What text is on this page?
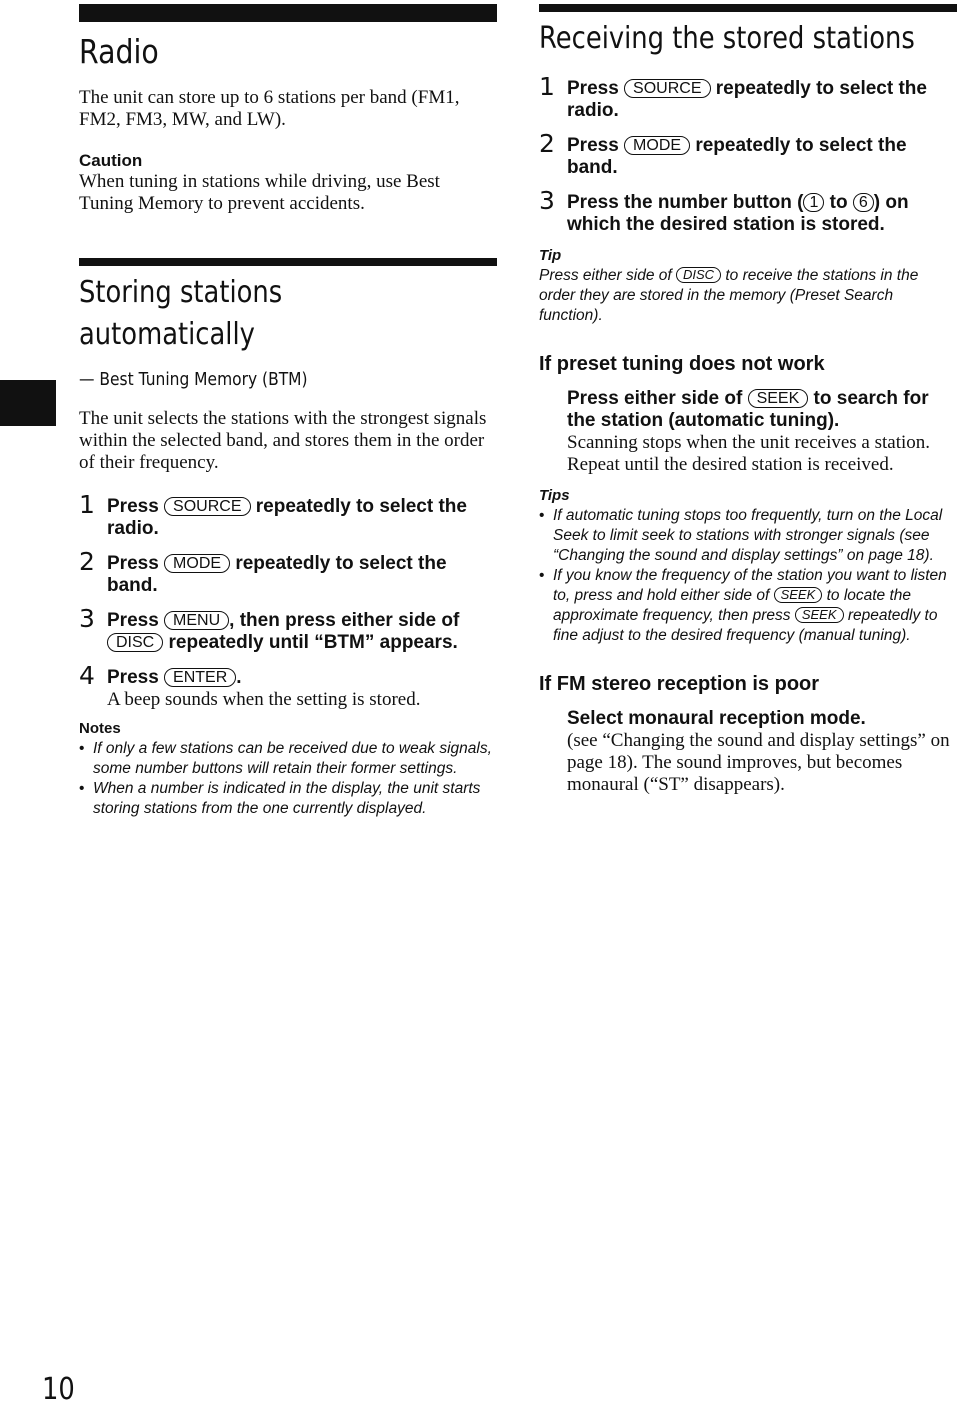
Radio
The unit can store up to 6 stations per band (FM1, FM2, FM3, MW, and LW).
Caution
When tuning in stations while driving, use Best Tuning Memory to prevent accidents.
Storing stations
automatically
— Best Tuning Memory (BTM)
The unit selects the stations with the strongest signals within the selected band, and stores them in the order of their frequency.
1 Press SOURCE repeatedly to select the radio.
2 Press MODE repeatedly to select the band.
3 Press MENU , then press either side of DISC repeatedly until “BTM” appears.
4 Press ENTER .
A beep sounds when the setting is stored.
Notes
• If only a few stations can be received due to weak signals, some number buttons will retain their former settings.
• When a number is indicated in the display, the unit starts storing stations from the one currently displayed.
Receiving the stored stations
1 Press SOURCE repeatedly to select the radio.
2 Press MODE repeatedly to select the band.
3 Press the number button ( 1 to 6 ) on which the desired station is stored.
Tip
Press either side of DISC to receive the stations in the order they are stored in the memory (Preset Search function).
If preset tuning does not work
Press either side of SEEK to search for the station (automatic tuning).
Scanning stops when the unit receives a station. Repeat until the desired station is received.
Tips
• If automatic tuning stops too frequently, turn on the Local Seek to limit seek to stations with stronger signals (see “Changing the sound and display settings” on page 18).
• If you know the frequency of the station you want to listen to, press and hold either side of SEEK to locate the approximate frequency, then press SEEK repeatedly to fine adjust to the desired frequency (manual tuning).
If FM stereo reception is poor
Select monaural reception mode.
(see “Changing the sound and display settings” on page 18). The sound improves, but becomes monaural (“ST” disappears).
10
